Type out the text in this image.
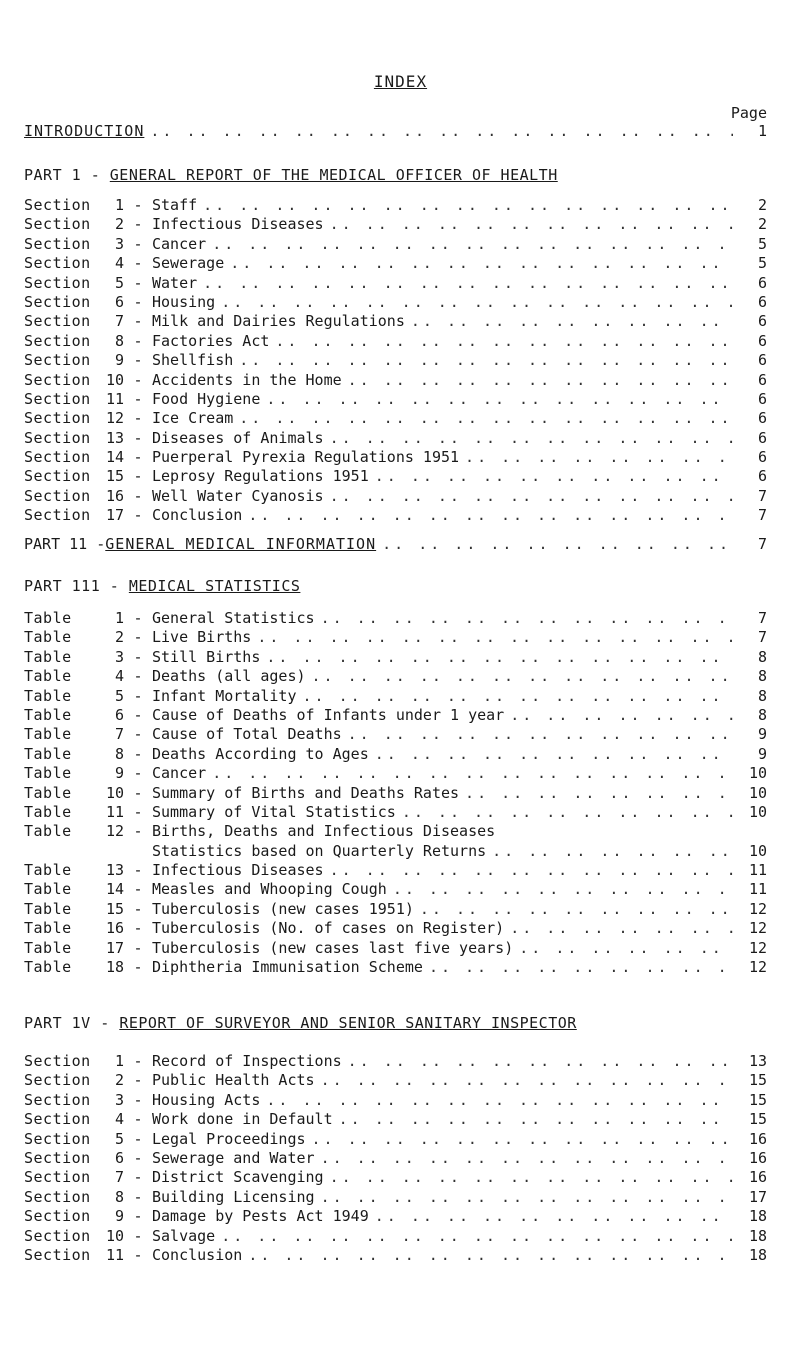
INDEX
Page
INTRODUCTION .. ..	1
PART 1 - GENERAL REPORT OF THE MEDICAL OFFICER OF HEALTH
Section	1 - Staff .. ..	2
Section	2 - Infectious Diseases .. ..	2
Section	3 - Cancer .. ..	5
Section	4 - Sewerage .. ..	5
Section	5 - Water .. ..	6
Section	6 - Housing .. ..	6
Section	7 - Milk and Dairies Regulations .. ..	6
Section	8 - Factories Act .. ..	6
Section	9 - Shellfish .. ..	6
Section	10 - Accidents in the Home .. ..	6
Section	11 - Food Hygiene .. ..	6
Section	12 - Ice Cream .. ..	6
Section	13 - Diseases of Animals .. ..	6
Section	14 - Puerperal Pyrexia Regulations 1951 .. ..	6
Section	15 - Leprosy Regulations 1951 .. ..	6
Section	16 - Well Water Cyanosis .. ..	7
Section	17 - Conclusion .. ..	7
PART 11 - GENERAL MEDICAL INFORMATION .. ..	7
PART 111 - MEDICAL STATISTICS
Table	1 - General Statistics .. ..	7
Table	2 - Live Births .. ..	7
Table	3 - Still Births .. ..	8
Table	4 - Deaths (all ages) .. ..	8
Table	5 - Infant Mortality .. ..	8
Table	6 - Cause of Deaths of Infants under 1 year .. ..	8
Table	7 - Cause of Total Deaths .. ..	9
Table	8 - Deaths According to Ages .. ..	9
Table	9 - Cancer .. ..	10
Table	10 - Summary of Births and Deaths Rates .. ..	10
Table	11 - Summary of Vital Statistics .. ..	10
Table	12 - Births, Deaths and Infectious Diseases
Statistics based on Quarterly Returns .. ..	10
Table	13 - Infectious Diseases .. ..	11
Table	14 - Measles and Whooping Cough .. ..	11
Table	15 - Tuberculosis (new cases 1951) .. ..	12
Table	16 - Tuberculosis (No. of cases on Register) .. ..	12
Table	17 - Tuberculosis (new cases last five years) .. ..	12
Table	18 - Diphtheria Immunisation Scheme .. ..	12
PART 1V - REPORT OF SURVEYOR AND SENIOR SANITARY INSPECTOR
Section	1 - Record of Inspections .. ..	13
Section	2 - Public Health Acts .. ..	15
Section	3 - Housing Acts .. ..	15
Section	4 - Work done in Default .. ..	15
Section	5 - Legal Proceedings .. ..	16
Section	6 - Sewerage and Water .. ..	16
Section	7 - District Scavenging .. ..	16
Section	8 - Building Licensing .. ..	17
Section	9 - Damage by Pests Act 1949 .. ..	18
Section	10 - Salvage .. ..	18
Section	11 - Conclusion .. ..	18
